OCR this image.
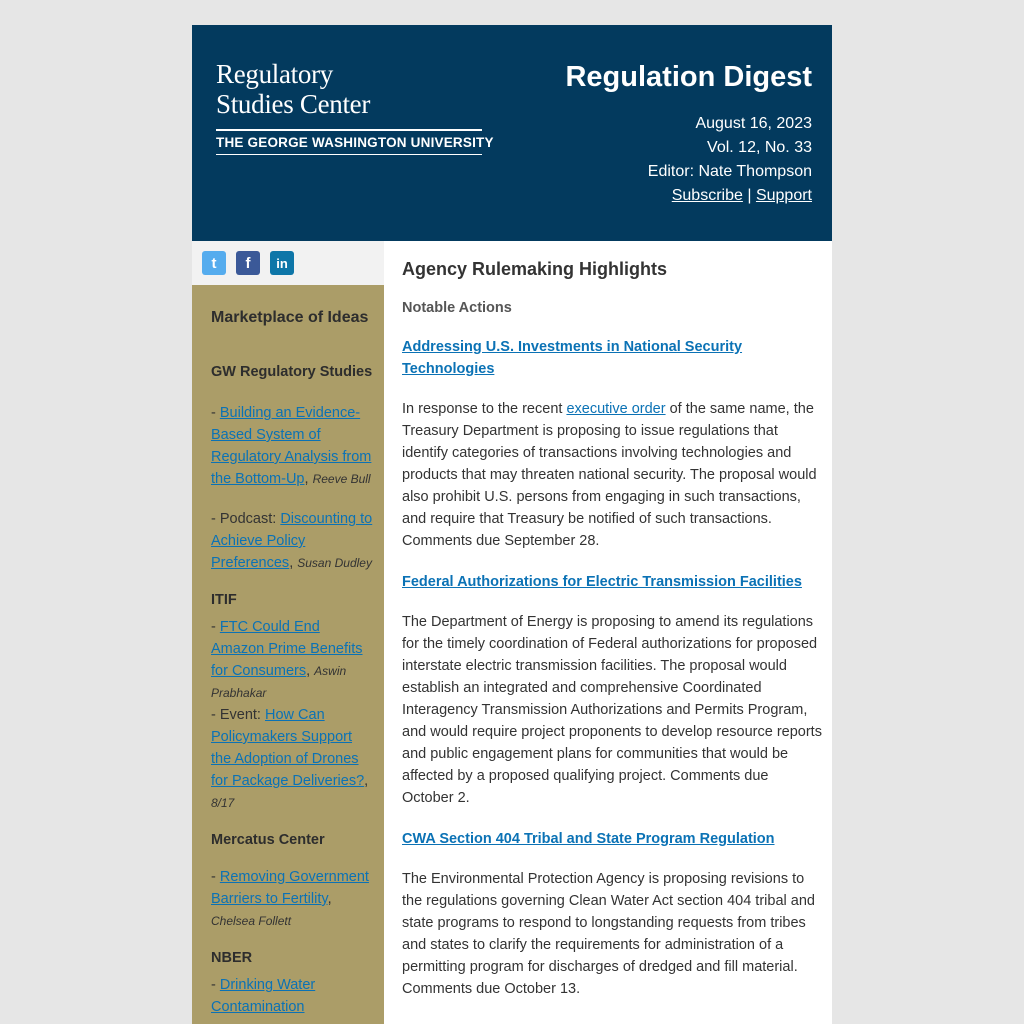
Regulatory
Studies Center
THE GEORGE WASHINGTON UNIVERSITY
Regulation Digest
August 16, 2023
Vol. 12, No. 33
Editor: Nate Thompson
Subscribe | Support
t	f	in
Marketplace of Ideas
GW Regulatory Studies
- Building an Evidence-Based System of Regulatory Analysis from the Bottom-Up, Reeve Bull
- Podcast: Discounting to Achieve Policy Preferences, Susan Dudley
ITIF
- FTC Could End Amazon Prime Benefits for Consumers, Aswin Prabhakar
- Event: How Can Policymakers Support the Adoption of Drones for Package Deliveries?, 8/17
Mercatus Center
- Removing Government Barriers to Fertility, Chelsea Follett
NBER
- Drinking Water Contamination
Agency Rulemaking Highlights
Notable Actions
Addressing U.S. Investments in National Security Technologies
In response to the recent executive order of the same name, the Treasury Department is proposing to issue regulations that identify categories of transactions involving technologies and products that may threaten national security. The proposal would also prohibit U.S. persons from engaging in such transactions, and require that Treasury be notified of such transactions. Comments due September 28.
Federal Authorizations for Electric Transmission Facilities
The Department of Energy is proposing to amend its regulations for the timely coordination of Federal authorizations for proposed interstate electric transmission facilities. The proposal would establish an integrated and comprehensive Coordinated Interagency Transmission Authorizations and Permits Program, and would require project proponents to develop resource reports and public engagement plans for communities that would be affected by a proposed qualifying project. Comments due October 2.
CWA Section 404 Tribal and State Program Regulation
The Environmental Protection Agency is proposing revisions to the regulations governing Clean Water Act section 404 tribal and state programs to respond to longstanding requests from tribes and states to clarify the requirements for administration of a permitting program for discharges of dredged and fill material. Comments due October 13.
